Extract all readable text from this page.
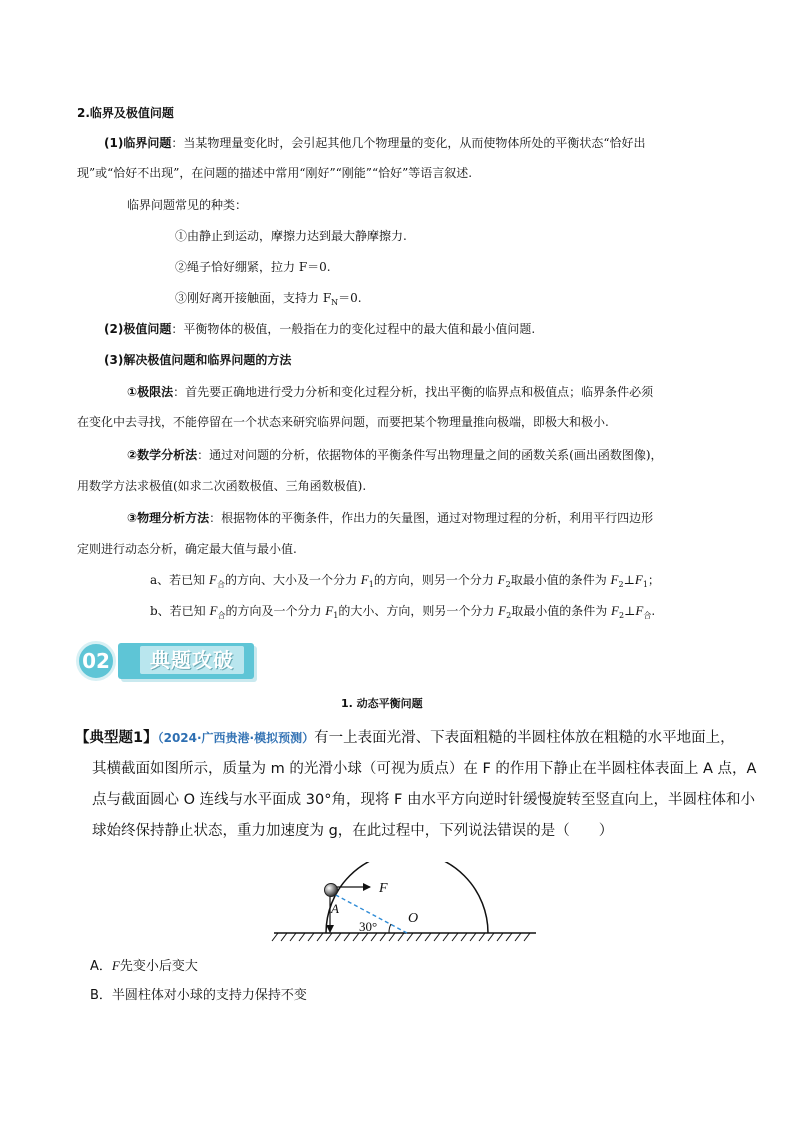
2.临界及极值问题
(1)临界问题：当某物理量变化时，会引起其他几个物理量的变化，从而使物体所处的平衡状态“恰好出
现”或“恰好不出现”，在问题的描述中常用“刚好”“刚能”“恰好”等语言叙述.
临界问题常见的种类：
①由静止到运动，摩擦力达到最大静摩擦力.
②绳子恰好绷紧，拉力 F＝0.
③刚好离开接触面，支持力 $F_N=0$.
(2)极值问题：平衡物体的极值，一般指在力的变化过程中的最大值和最小值问题.
(3)解决极值问题和临界问题的方法
①极限法：首先要正确地进行受力分析和变化过程分析，找出平衡的临界点和极值点；临界条件必须
在变化中去寻找，不能停留在一个状态来研究临界问题，而要把某个物理量推向极端，即极大和极小.
②数学分析法：通过对问题的分析，依据物体的平衡条件写出物理量之间的函数关系(画出函数图像)，
用数学方法求极值(如求二次函数极值、三角函数极值).
③物理分析方法：根据物体的平衡条件，作出力的矢量图，通过对物理过程的分析，利用平行四边形
定则进行动态分析，确定最大值与最小值.
a、若已知 $F_合$的方向、大小及一个分力 $F_1$的方向，则另一个分力 $F_2$取最小值的条件为 $F_2\perp F_1$；
b、若已知 $F_合$的方向及一个分力 $F_1$的大小、方向，则另一个分力 $F_2$取最小值的条件为 $F_2\perp F_合$.
典题攻破
02
1. 动态平衡问题
【典型题1】（2024·广西贵港·模拟预测）有一上表面光滑、下表面粗糙的半圆柱体放在粗糙的水平地面上，
其横截面如图所示，质量为 m 的光滑小球（可视为质点）在 F 的作用下静止在半圆柱体表面上 A 点，A
点与截面圆心 O 连线与水平面成 30°角，现将 F 由水平方向逆时针缓慢旋转至竖直向上，半圆柱体和小
球始终保持静止状态，重力加速度为 g，在此过程中，下列说法错误的是（　　）
F
A
O
30°
A．F先变小后变大
B．半圆柱体对小球的支持力保持不变
